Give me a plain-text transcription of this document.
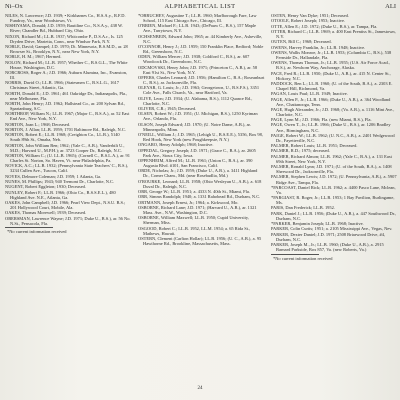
Ni–Ox	ALPHABETICAL LIST	ALI
NILES, N. Lawrence; J.D. 1939; • Kirkbarnes Co., H.S.A.y., R.F.D. Fundroy, Va., near Woodstown, Vt.
NISHIYAMA, Donald; J.D. 1959; Bautiline Co., N.S.A.y., 438 W. River; Chandler Bd., Hubbard City, Ohio.
NIXON, Richard M.; LL.B. 1937; Whitcombe P., D.S.A.r., Is. 125 Dryden Drive, Marietta, Conn., near Windsor Park, N.Y.
NOBLE, David; Gampel; J.D. 1970; Dt. Minnesota, B.S.M.D., ar. 28 Browser St., Brooklyn, N.Y., near New York, N.Y.
NOBLE, H. M.; 1967; Hermed.
NOLON, Richard M.; LL.B. 1957; Whether C., B.S.G.L., The White House, Washington, D.C.
NORCROSS, Roger A.; J.D. 1966; Auburn Alumina, Inc., Evanston, Ill.
NORRIS, David O.; LL.B. 1966; (Statesmen C., B.S.L.G., 1617 Christmas Street, Atlantic, Ga.
NORTH, Donald E.; J.D. 1961; 461 Oakridge Dr., Indianapolis, Pla., near Melbourne, Fla.
NORTH, John Henry; J.D. 1962; Hallstead Co., ar. 200 Sylvan Rd., Spartanburg, S.C.
NORTHROP, William N.; LL.B. 1967; (Major C., B.S.A.), ar. 52 East End Ave., New York, N.Y.
NORTON, Joan L.; 1968; Deceased.
NORTON, J. Allan; LL.B. 1959; 1701 Baltimore Rd., Raleigh, N.C.
NORTON, Robert E.; LL.B. 1968; (Creighton Co., LL.B.), 5140 South 89th St., Omaha, Neb.
NORTON, John William Ben; 1962; (Yale C., A.B.), Vanderbilt U., M.D.; Harvard U., M.P.H.); ar. 3723 Cooper Dr., Raleigh, N.C.
NORTON, William C.; (U. LL.B. 1965); (Cornell C., B.S.L.A.), ar. 91 Charles St. Norton, So. Haven, Vt. near Philadelphia, Pa.
NOVICK, A.C.; LL.B. 1932; (Pennsylvania State Teachers' C., B.S.), 3234 Cullen Ave., Tuscon, Calif.
NOYES, Delmore Coleman; J.D. 1959; 1 Atlanta, Ga.
NUNES, M. Phillips; 1943; 940 Tremont Dr., Charlotte, N.C.
NUGENT, Robert Eggleton; 1930; Deceased.
NUNLEY, Robert F.; LL.B. 1966; (Ohio Co., B.S.S.E.L.), 480 Highland Ave. N.E., Atlanta, Ga.
OAKES, John Campbell; J.D. 1966; Pearl View Dept., N.S.U. B.S.; 201 Hollywood Court, Mobile, Ala.
OAKES, Thomas Morewell; 1939; Deceased.
OBERSMAN, Lawrence Wayne; J.D. 1971; Duke U., B.S.), ar. 56 No. N.St., Pensacola, Fla.
*No current information received
*OBRUCHEV, Augustine T.; LL.B. 1960; Marlborough Fare, Law School, 115 East Chicago Ave., Chicago, Ill.
O'BRIEN, Michael F.; LL.B. 1943; (DePauw C., B.S.), 157 Maple Ave., Tarrytown, N.Y.
OCHSENBEIN, Edward John; 1965; ar. 44 Kimberly Ave., Asheville, N.C.
O'CONNOR, Henry J.; J.D. 1959; 150 Franklin Place, Bedford; Noble Rd., Greensboro, N.C.
ODEN, William Mercer; J.D. 1938; Coldford C., B.S.), ar. 607 Woodcock Dr., Greensboro, N.C.
ODCMOVSKI, Henry John; J.D. 1971; (Princeton C., A.B.), ar. 58 East 91st St., New York, N.Y.
OFFERS, Charles Leonard; J.D. 1956; (Hamilton C., B.A.; Roseanburt C., B.S.), ar. Jacksonville, Fla.
OLEYAR, G. Louis; Jr.; J.D. 1963; Georgetown, U., B.S.F.S.), 3351 Cole Ave., Falls Church, Va., near Hartford, Va.
OLIVE, Leon; J.D. 1934; (U. Alabama, B.S.), 1112 Quance Rd., Charlotte, N.C.
OLIVER, C.R.; 1945; Deceased.
OLSEN, Robert W.; J.D. 1951; (U. Michigan, B.S.), 1250 Kyriman Ave., Orlando, Fla.
OLSON, Joseph Edward; J.D. 1970; (U. Notre Dame, A.B.), ar. Minneapolis, Minn.
O'NEILL, William J.; J.D. 1965; (Lehigh U., B.S.E.E.), 5356, Box 98, Red Hook, New York (new Poughkeepsie, N.Y.)
ONGARO, Henry Adolph; 1968; Inactive.
OPPEDAL, Gregory Joseph; J.D. 1971; (Grace C., B.A.), ar. 2605 Park Ave., Sioux City, Iowa.
OPPENHEIM, Alfred M.; LL.B. 1961; (Union C., B.A.), ar. 390 Augusta Blvd. #101, San Francisco, Calif.
ORDE, Nicholas; Jr.; J.D. 1959; (Duke U., A.B.), a. 3411 Highland Dr., Corner Cham., Md. (near Rosebudlia, Md.)
O'ROURKE, Leonard; LL.B. 1958; (Ohio Wesleyan U., A.B.), a. 618 Duval Dr., Raleigh, N.C.
ORR, George W.; LL.B. 1951; a. 4333 N. 40th St., Miami, Fla.
ORR, Simms Randolph; 1940; a. 1331 Rahobead Rd., Durham, N.C.
ORTMANN, Joseph Ernest, Jr.; 1964; a. Kirkwood, Mo.
OSBORNE, Richard Lane; J.D. 1971; (Harvard U., A.B.), ar. 1321 Mass. Ave., N.W., Washington, D.C.
OSBORNE, William Maxwell; LL.B. 1950; Cupid University, Sherman, Miss.
OSGOOD, Robert C.; LL.B. 1952, LL.M. 1954; a. 65 Rida St., Mathews, Hawaii.
OSTERN, Clement (Carlton Hollar); LL.B. 1956; (U. C., A.B.), a. 95 Hawthorne Rd., Brookline, Massachusetts, Mass.
OSTEN, Henry Van Dyke; 1951; Deceased.
OTOOLE, Robert Joseph; 1953; Inactive.
OTTE, Allen E.; J.D. 1972; (Duke U., B.S.), ar. Tampa, Fla.
OTTER, Richard C.; LL.B. 1969; a. 400 East Prentiss St., Jamestown, N.Y.
OUTEN, Bill C.; 1968; Deceased.
OWENS, Harvey Franklin, Jr.; LL.B. 1948; Inactive.
OWENS, Wallis Monroe, Jr.; LL.B. 1953; (Columbia C., B.S.), 538 Fernside Dr., Hallandale, Fla.
OWENS, Thomas Thomas, Jr.; LL.B. 1955; (U.S. Air Force Acad., B.S.), ar. Newhorn Way, Anchorage, Alaska.
PACE, Fred R.; LL.B. 1950; (Duke U., A.B.), ar. 415 N. Center St., Hickory, N.C.
PADDOCK, Ben L.; LL.B. 1960; (U. of the South, B.A.), a. 2303 E. Chapel Hill, Richmond, Va.
PAGAN, Louis Paul; LL.B. 1949; Inactive.
PAGE, Allen P., Jr.; LL.B. 1966; (Duke U., A.B.), a. 364 Woodland Ave., Chattanooga, Tenn.
PAGE, Hugh Alexander, Jr.; J.D. 1968; (Va. A.B.), a. 1116 Mint Ave., Charlotte, N.C.
PAGE, Lynn M.; J.D. 1966; Fla. (new Miami, B.S.), Fla.
PAGE, Owen T., Jr.; LL.B. 1966; (Duke U., B.S.), ar. 1206 Bradley Ave., Birmingham, N.C.
PAIGE, Robert W.; LL.B. 1962; (U. N.C., A.B.), a. 2401 Wedgewood Dr., Fayetteville, N.C.
PALMER, Robert Louis; LL.B. 1951; Deceased.
PALMER, R.D.; 1975; deceased.
PALMER, Richard Almon; LL.B. 1962; (Yale C., B.A.), a. 131 East 69th Street, New York, N.Y.
PALMER, Ronald Lynn; J.D. 1971; (U. of the South, B.A.), a. 1408 Sherwood Dr., Jacksonville, Fla.
PALMER, Stephen Lewis; J.D. 1972; (U. Pennsylvania, A.B.), a. 5907 Ridge Ave., Tampa, Fla.
*PARCOAST, Daniel Rick; LL.B. 1962; a. 4400 Pasco Lane, Mclean, Va.
*PARGIAST, R. Roger, Jr.; LL.B. 1953; 1 Bay Pavilion, Burlingame, Ms.
PARIS, Dan Frederick; LL.B. 1952.
PARK, Daniel J.; LL.B. 1956; (Duke U., A.B.), a. 447 Southwood Dr., Durham, N.C.
*PARKER, Benjamin Joseph; LL.B. 1968; Inactive.
PARKER, Colin Curtis; 1951; a. 2105 Mississippi Ave., Vegas, Nev.
PARKER, Dexter Daniel; J.D. 1971; 2508 Briarwood Drive, #4, Durham, N.C.
PARKER, Joseph M., Jr.; LL.B. 1960; (Duke U., A.B.), a. 2915 Barnard Parkside, Box 857, Va. (new Roberts, Va.)
*No current information received
24
